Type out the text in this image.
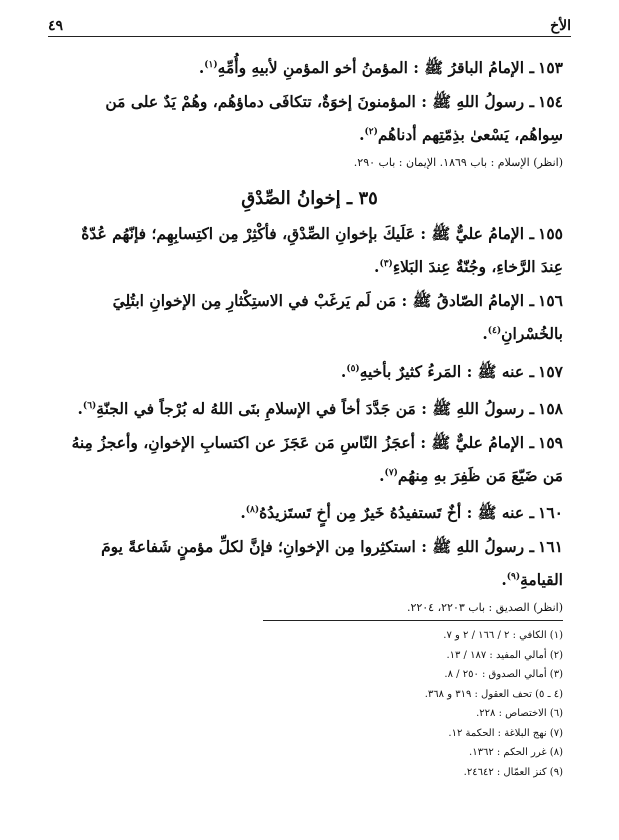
الأخ
٤٩

١٥٣ـ الإمامُ الباقرُ ﷺ : المؤمنُ أخو المؤمنِ لأبيهِ وأُمِّهِ$^{(١)}$.

١٥٤ـ رسولُ اللهِ ﷺ : المؤمنونَ إخوَةٌ، تتكافَى دماؤهُم، وهُمْ يَدٌ على مَن سِواهُم، يَسْعىٰ بذِمّتِهم أدناهُم$^{(٢)}$.

(انظر) الإسلام : باب ١٨٦٩. الإيمان : باب ٢٩٠.

٣٥ ـ إخوانُ الصِّدْقِ

١٥٥ـ الإمامُ عليٌّ ﷺ : عَلَيكَ بإخوانِ الصِّدْقِ، فأكْثِرْ مِن اكتِسابِهِم؛ فإنّهُم عُدّةٌ عِندَ الرَّخاءِ، وجُنّةٌ عِندَ البَلاءِ$^{(٣)}$.

١٥٦ـ الإمامُ الصّادقُ ﷺ : مَن لَم يَرغَبْ في الاستِكْثارِ مِن الإخوانِ ابتُلِيَ بالخُسْرانِ$^{(٤)}$.

١٥٧ـ عنه ﷺ : المَرءُ كثيرٌ بأخيهِ$^{(٥)}$.

١٥٨ـ رسولُ اللهِ ﷺ : مَن جَدَّدَ أخاً في الإسلامِ بنَى اللهُ له بُرْجاً في الجنّةِ$^{(٦)}$.

١٥٩ـ الإمامُ عليٌّ ﷺ : أعجَزُ النّاسِ مَن عَجَزَ عن اكتسابِ الإخوانِ، وأعجزُ مِنهُ مَن ضَيّعَ مَن ظَفِرَ بهِ مِنهُم$^{(٧)}$.

١٦٠ـ عنه ﷺ : أخٌ تَستفيدُهُ خَيرٌ مِن أخٍ تَستَزيدُهُ$^{(٨)}$.

١٦١ـ رسولُ اللهِ ﷺ : استكثِروا مِن الإخوانِ؛ فإنَّ لكلِّ مؤمنٍ شَفاعةً يومَ القيامةِ$^{(٩)}$.

(انظر) الصديق : باب ٢٢٠٣، ٢٢٠٤.

(١) الكافي : ٢ / ١٦٦ / ٢ و ٧.
(٢) أمالي المفيد : ١٨٧ / ١٣.
(٣) أمالي الصدوق : ٢٥٠ / ٨.
(٤ ـ ٥) تحف العقول : ٣١٩ و ٣٦٨.
(٦) الاختصاص : ٢٢٨.
(٧) نهج البلاغة : الحكمة ١٢.
(٨) غرر الحكم : ١٣٦٢.
(٩) كنز العمّال : ٢٤٦٤٢.
